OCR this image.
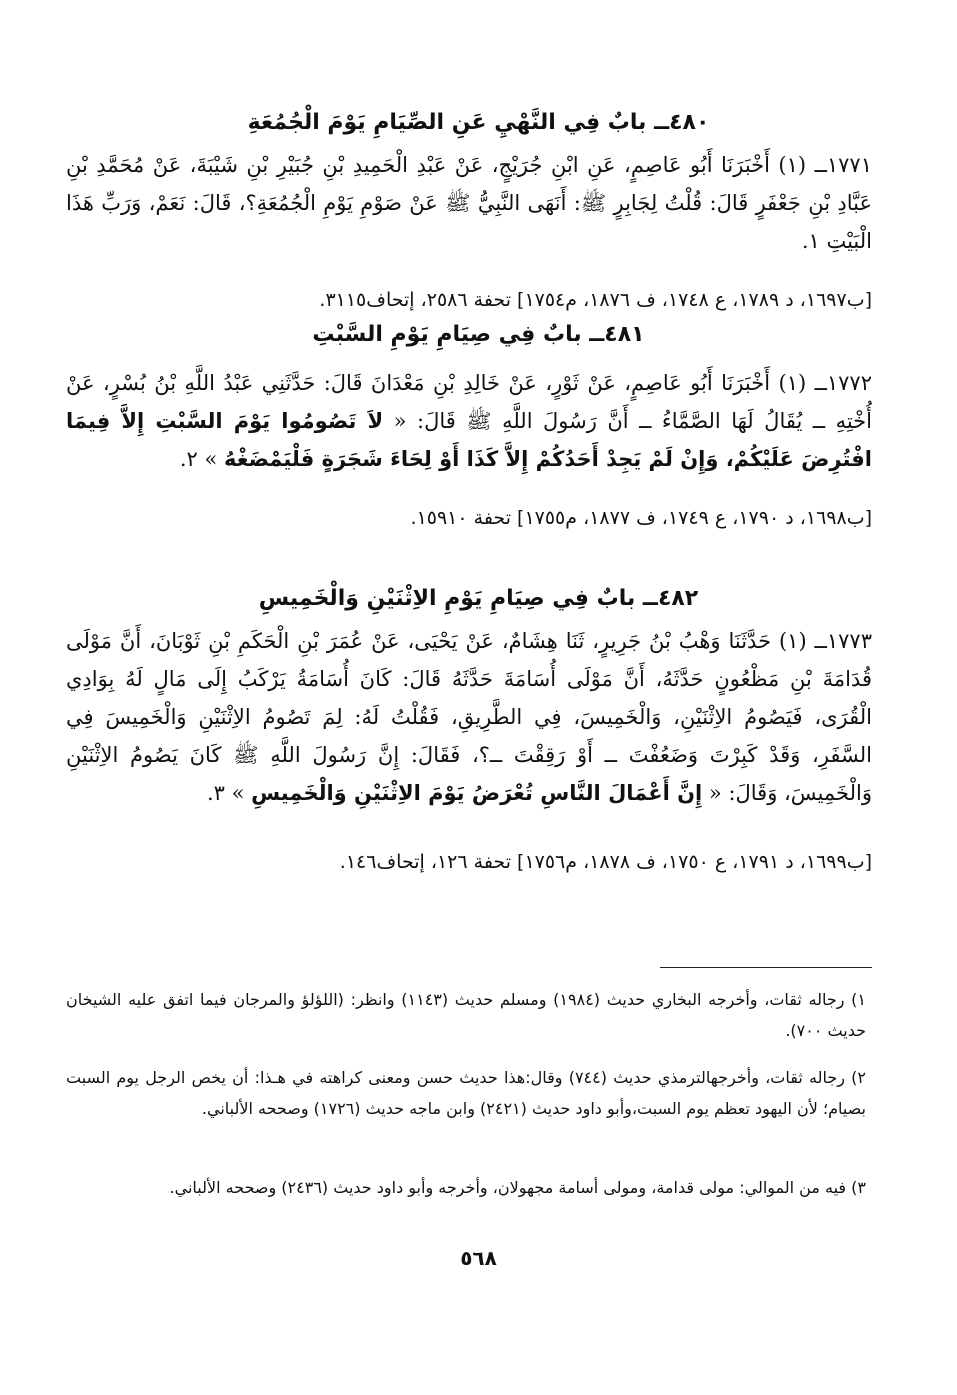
٤٨٠ــ بابٌ فِي النَّهْيِ عَنِ الصِّيَامِ يَوْمَ الْجُمُعَةِ
١٧٧١ــ (١) أَخْبَرَنَا أَبُو عَاصِمٍ، عَنِ ابْنِ جُرَيْجٍ، عَنْ عَبْدِ الْحَمِيدِ بْنِ جُبَيْرِ بْنِ شَيْبَةَ، عَنْ مُحَمَّدِ بْنِ عَبَّادِ بْنِ جَعْفَرٍ قَالَ: قُلْتُ لِجَابِرٍ ﷺ: أَنَهَى النَّبِيُّ ﷺ عَنْ صَوْمِ يَوْمِ الْجُمُعَةِ؟، قَالَ: نَعَمْ، وَرَبِّ هَذَا الْبَيْتِ ١.
[ب١٦٩٧، د ١٧٨٩، ع ١٧٤٨، ف ١٨٧٦، م١٧٥٤] تحفة ٢٥٨٦، إتحاف٣١١٥.
٤٨١ــ بابٌ فِي صِيَامِ يَوْمِ السَّبْتِ
١٧٧٢ــ (١) أَخْبَرَنَا أَبُو عَاصِمٍ، عَنْ ثَوْرٍ، عَنْ خَالِدِ بْنِ مَعْدَانَ قَالَ: حَدَّثَنِي عَبْدُ اللَّهِ بْنُ بُسْرٍ، عَنْ أُخْتِهِ ــ يُقَالُ لَهَا الصَّمَّاءُ ــ أَنَّ رَسُولَ اللَّهِ ﷺ قَالَ: « لاَ تَصُومُوا يَوْمَ السَّبْتِ إِلاَّ فِيمَا افْتُرِضَ عَلَيْكُمْ، وَإِنْ لَمْ يَجِدْ أَحَدُكُمْ إِلاَّ كَذَا أَوْ لِحَاءَ شَجَرَةٍ فَلْيَمْضَغْهُ » ٢.
[ب١٦٩٨، د ١٧٩٠، ع ١٧٤٩، ف ١٨٧٧، م١٧٥٥] تحفة ١٥٩١٠.
٤٨٢ــ بابٌ فِي صِيَامِ يَوْمِ الاِثْنَيْنِ وَالْخَمِيسِ
١٧٧٣ــ (١) حَدَّثَنَا وَهْبُ بْنُ جَرِيرٍ، ثَنَا هِشَامٌ، عَنْ يَحْيَى، عَنْ عُمَرَ بْنِ الْحَكَمِ بْنِ ثَوْبَانَ، أَنَّ مَوْلَى قُدَامَةَ بْنِ مَظْعُونٍ حَدَّثَهُ، أَنَّ مَوْلَى أُسَامَةَ حَدَّثَهُ قَالَ: كَانَ أُسَامَةُ يَرْكَبُ إِلَى مَالٍ لَهُ بِوَادِي الْقُرَى، فَيَصُومُ الاِثْنَيْنِ، وَالْخَمِيسَ، فِي الطَّرِيقِ، فَقُلْتُ لَهُ: لِمَ تَصُومُ الاِثْنَيْنِ وَالْخَمِيسَ فِي السَّفَرِ، وَقَدْ كَبِرْتَ وَضَعُفْتَ ــ أَوْ رَقِقْتَ ــ؟، فَقَالَ: إِنَّ رَسُولَ اللَّهِ ﷺ كَانَ يَصُومُ الاِثْنَيْنِ وَالْخَمِيسَ، وَقَالَ: « إِنَّ أَعْمَالَ النَّاسِ تُعْرَضُ يَوْمَ الاِثْنَيْنِ وَالْخَمِيسِ » ٣.
[ب١٦٩٩، د ١٧٩١، ع ١٧٥٠، ف ١٨٧٨، م١٧٥٦] تحفة ١٢٦، إتحاف١٤٦.
١) رجاله ثقات، وأخرجه البخاري حديث (١٩٨٤) ومسلم حديث (١١٤٣) وانظر: (اللؤلؤ والمرجان فيما اتفق عليه الشيخان حديث ٧٠٠).
٢) رجاله ثقات، وأخرجهالترمذي حديث (٧٤٤) وقال:هذا حديث حسن ومعنى كراهته في هـذا: أن يخص الرجل يوم السبت بصيام؛ لأن اليهود تعظم يوم السبت،وأبو داود حديث (٢٤٢١) وابن ماجه حديث (١٧٢٦) وصححه الألباني.
٣) فيه من الموالي: مولى قدامة، ومولى أسامة مجهولان، وأخرجه وأبو داود حديث (٢٤٣٦) وصححه الألباني.
٥٦٨
